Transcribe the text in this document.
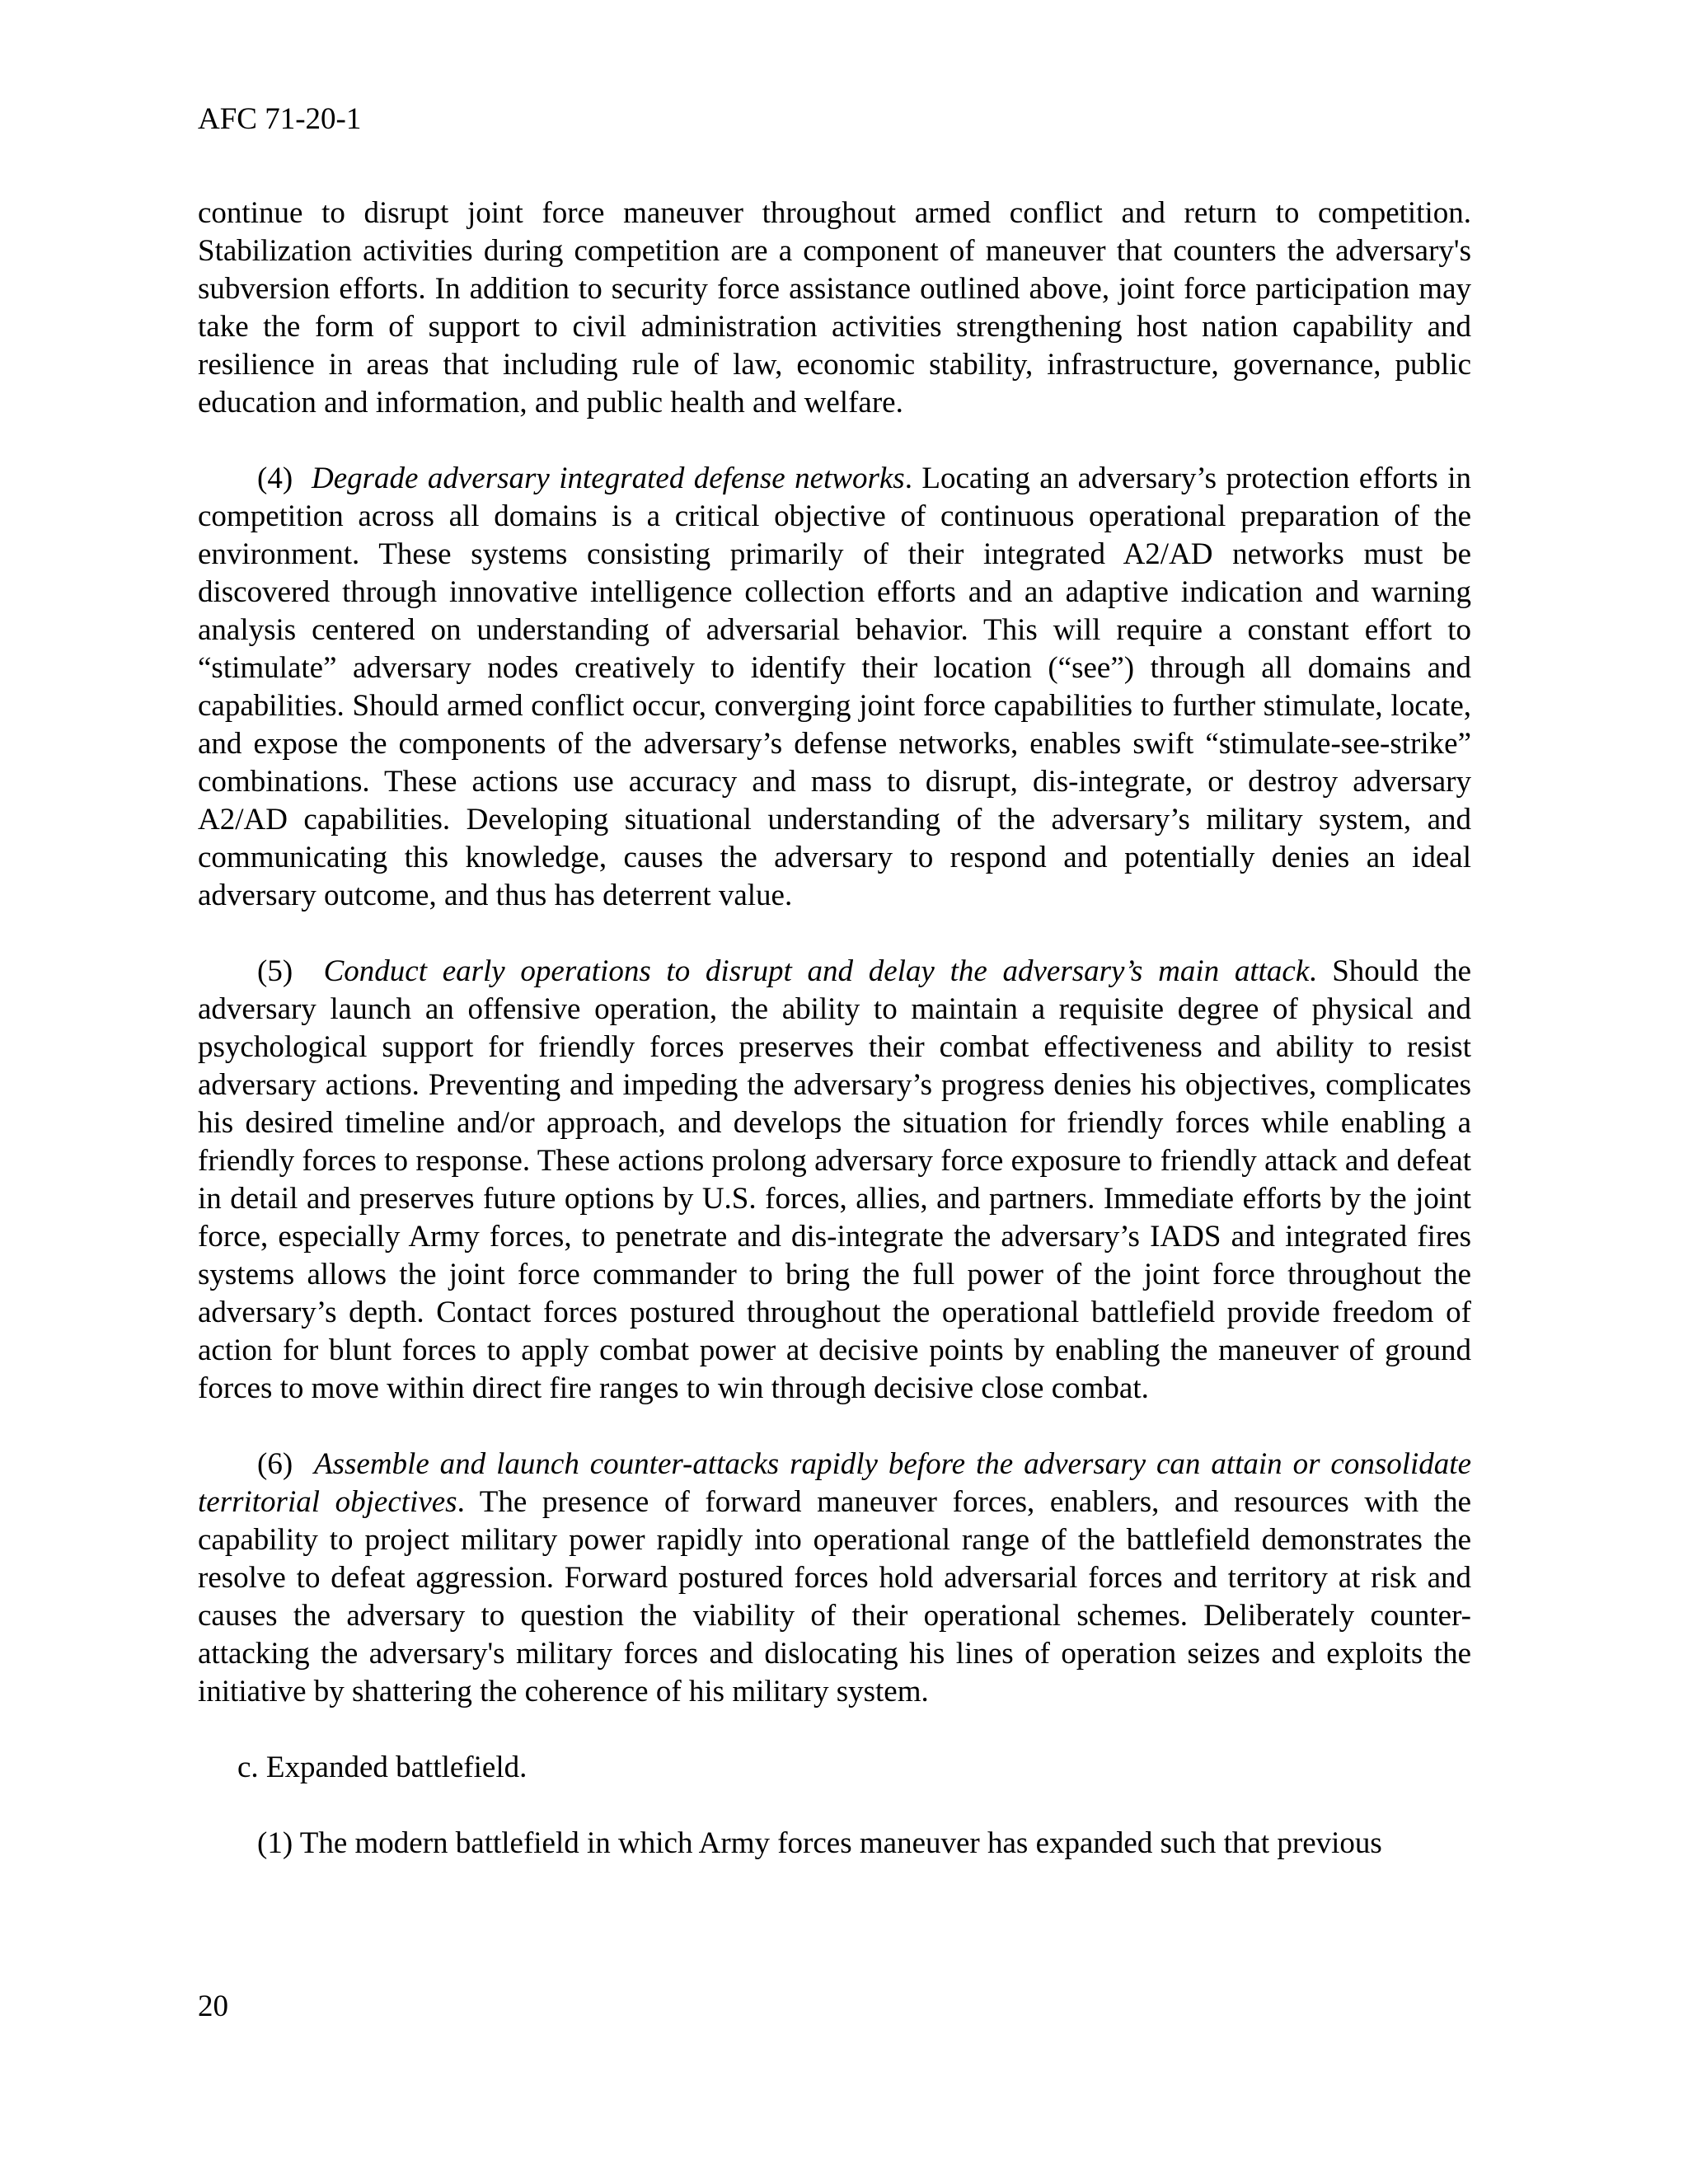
AFC 71-20-1

continue to disrupt joint force maneuver throughout armed conflict and return to competition. Stabilization activities during competition are a component of maneuver that counters the adversary's subversion efforts. In addition to security force assistance outlined above, joint force participation may take the form of support to civil administration activities strengthening host nation capability and resilience in areas that including rule of law, economic stability, infrastructure, governance, public education and information, and public health and welfare.

(4) Degrade adversary integrated defense networks. Locating an adversary’s protection efforts in competition across all domains is a critical objective of continuous operational preparation of the environment. These systems consisting primarily of their integrated A2/AD networks must be discovered through innovative intelligence collection efforts and an adaptive indication and warning analysis centered on understanding of adversarial behavior. This will require a constant effort to “stimulate” adversary nodes creatively to identify their location (“see”) through all domains and capabilities. Should armed conflict occur, converging joint force capabilities to further stimulate, locate, and expose the components of the adversary’s defense networks, enables swift “stimulate-see-strike” combinations. These actions use accuracy and mass to disrupt, dis-integrate, or destroy adversary A2/AD capabilities. Developing situational understanding of the adversary’s military system, and communicating this knowledge, causes the adversary to respond and potentially denies an ideal adversary outcome, and thus has deterrent value.

(5) Conduct early operations to disrupt and delay the adversary’s main attack. Should the adversary launch an offensive operation, the ability to maintain a requisite degree of physical and psychological support for friendly forces preserves their combat effectiveness and ability to resist adversary actions. Preventing and impeding the adversary’s progress denies his objectives, complicates his desired timeline and/or approach, and develops the situation for friendly forces while enabling a friendly forces to response. These actions prolong adversary force exposure to friendly attack and defeat in detail and preserves future options by U.S. forces, allies, and partners. Immediate efforts by the joint force, especially Army forces, to penetrate and dis-integrate the adversary’s IADS and integrated fires systems allows the joint force commander to bring the full power of the joint force throughout the adversary’s depth. Contact forces postured throughout the operational battlefield provide freedom of action for blunt forces to apply combat power at decisive points by enabling the maneuver of ground forces to move within direct fire ranges to win through decisive close combat.

(6) Assemble and launch counter-attacks rapidly before the adversary can attain or consolidate territorial objectives. The presence of forward maneuver forces, enablers, and resources with the capability to project military power rapidly into operational range of the battlefield demonstrates the resolve to defeat aggression. Forward postured forces hold adversarial forces and territory at risk and causes the adversary to question the viability of their operational schemes. Deliberately counter-attacking the adversary's military forces and dislocating his lines of operation seizes and exploits the initiative by shattering the coherence of his military system.

c. Expanded battlefield.

(1) The modern battlefield in which Army forces maneuver has expanded such that previous

20
